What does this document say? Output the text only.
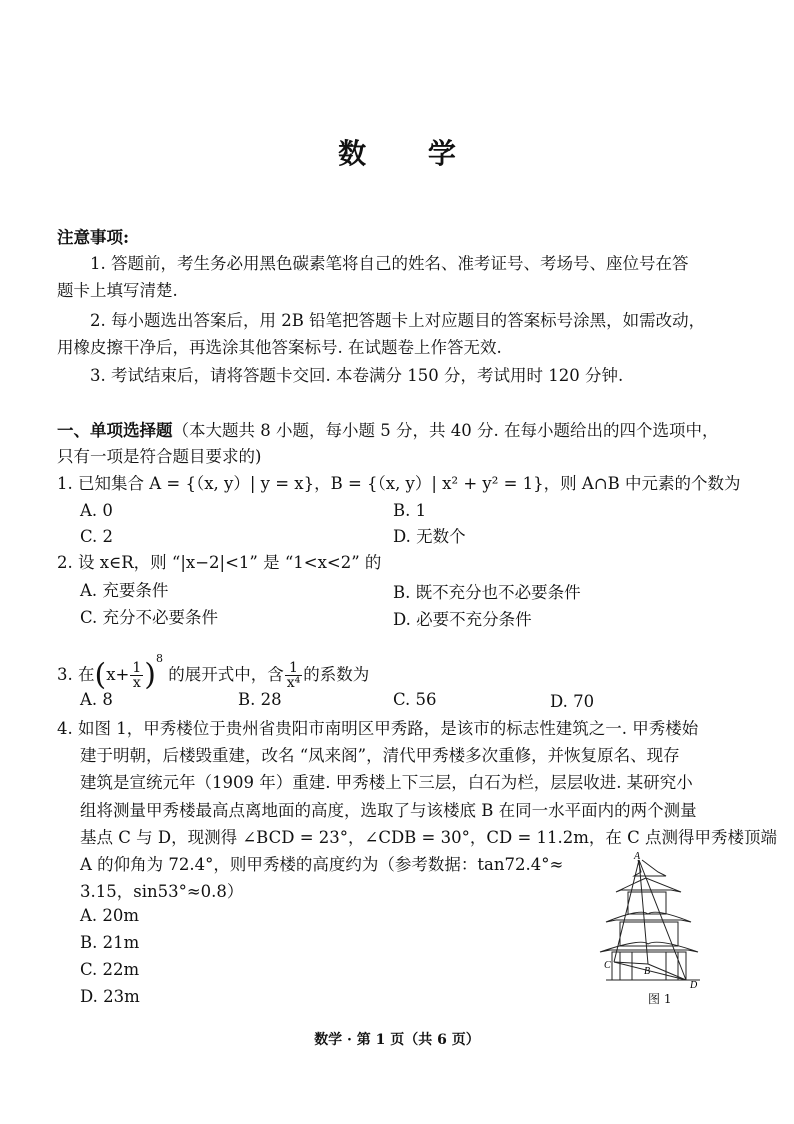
数 学
注意事项:
1. 答题前，考生务必用黑色碳素笔将自己的姓名、准考证号、考场号、座位号在答
题卡上填写清楚.
2. 每小题选出答案后，用 2B 铅笔把答题卡上对应题目的答案标号涂黑，如需改动，
用橡皮擦干净后，再选涂其他答案标号. 在试题卷上作答无效.
3. 考试结束后，请将答题卡交回. 本卷满分 150 分，考试用时 120 分钟.
一、单项选择题（本大题共 8 小题，每小题 5 分，共 40 分. 在每小题给出的四个选项中，
只有一项是符合题目要求的)
1. 已知集合 A = {（x, y）| y = x}，B = {（x, y）| x² + y² = 1}，则 A∩B 中元素的个数为
A. 0	B. 1
C. 2	D. 无数个
2. 设 x∈R，则 “|x−2|<1” 是 “1<x<2” 的
A. 充要条件	B. 既不充分也不必要条件
C. 充分不必要条件	D. 必要不充分条件
3. 在$(x+ \frac{1}{x} )^8$ 的展开式中，含 $\frac{1}{\text{x⁴}}$ 的系数为
A. 8	B. 28	C. 56	D. 70
4. 如图 1，甲秀楼位于贵州省贵阳市南明区甲秀路，是该市的标志性建筑之一. 甲秀楼始
建于明朝，后楼毁重建，改名 “凤来阁”，清代甲秀楼多次重修，并恢复原名、现存
建筑是宣统元年（1909 年）重建. 甲秀楼上下三层，白石为栏，层层收进. 某研究小
组将测量甲秀楼最高点离地面的高度，选取了与该楼底 B 在同一水平面内的两个测量
基点 C 与 D，现测得 ∠BCD = 23°，∠CDB = 30°，CD = 11.2m，在 C 点测得甲秀楼顶端
A 的仰角为 72.4°，则甲秀楼的高度约为（参考数据：tan72.4°≈
3.15，sin53°≈0.8）
A. 20m
B. 21m
C. 22m
D. 23m
A
C
B
D
图 1
数学 · 第 1 页（共 6 页）
